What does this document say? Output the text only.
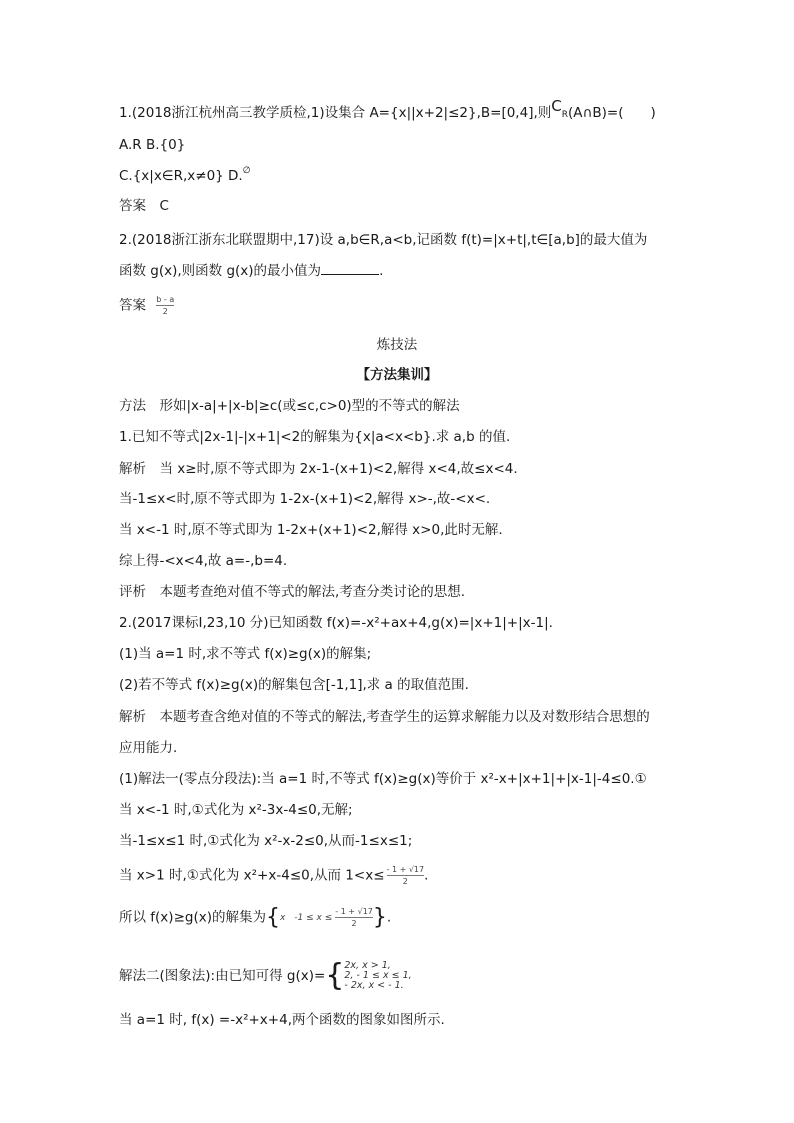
1.(2018浙江杭州高三教学质检,1)设集合 A={x||x+2|≤2},B=[0,4],则CR(A∩B)=(　　)
A.R B.{0}
C.{x|x∈R,x≠0} D.∅
答案　C
2.(2018浙江浙东北联盟期中,17)设 a,b∈R,a<b,记函数 f(t)=|x+t|,t∈[a,b]的最大值为
函数 g(x),则函数 g(x)的最小值为	.
答案 $\frac{b - a}{2}$
炼技法
【方法集训】
方法　形如|x-a|+|x-b|≥c(或≤c,c>0)型的不等式的解法
1.已知不等式|2x-1|-|x+1|<2的解集为{x|a<x<b}.求 a,b 的值.
解析　当 x≥时,原不等式即为 2x-1-(x+1)<2,解得 x<4,故≤x<4.
当-1≤x<时,原不等式即为 1-2x-(x+1)<2,解得 x>-,故-<x<.
当 x<-1 时,原不等式即为 1-2x+(x+1)<2,解得 x>0,此时无解.
综上得-<x<4,故 a=-,b=4.
评析　本题考查绝对值不等式的解法,考查分类讨论的思想.
2.(2017课标Ⅰ,23,10 分)已知函数 f(x)=-x²+ax+4,g(x)=|x+1|+|x-1|.
(1)当 a=1 时,求不等式 f(x)≥g(x)的解集;
(2)若不等式 f(x)≥g(x)的解集包含[-1,1],求 a 的取值范围.
解析　本题考查含绝对值的不等式的解法,考查学生的运算求解能力以及对数形结合思想的
应用能力.
(1)解法一(零点分段法):当 a=1 时,不等式 f(x)≥g(x)等价于 x²-x+|x+1|+|x-1|-4≤0.①
当 x<-1 时,①式化为 x²-3x-4≤0,无解;
当-1≤x≤1 时,①式化为 x²-x-2≤0,从而-1≤x≤1;
当 x>1 时,①式化为 x²+x-4≤0,从而 $1<x\le \frac{- 1 + √17}{2}$ .
所以 f(x)≥g(x)的解集为{x　$-1 \le x \le \frac{- 1 + √17}{2}$ }.
解法二(图象法):由已知可得 g(x)={ 2x, x > 1,
2, - 1 ≤ x ≤ 1,
- 2x, x < - 1.
当 a=1 时, f(x) =-x²+x+4,两个函数的图象如图所示.
